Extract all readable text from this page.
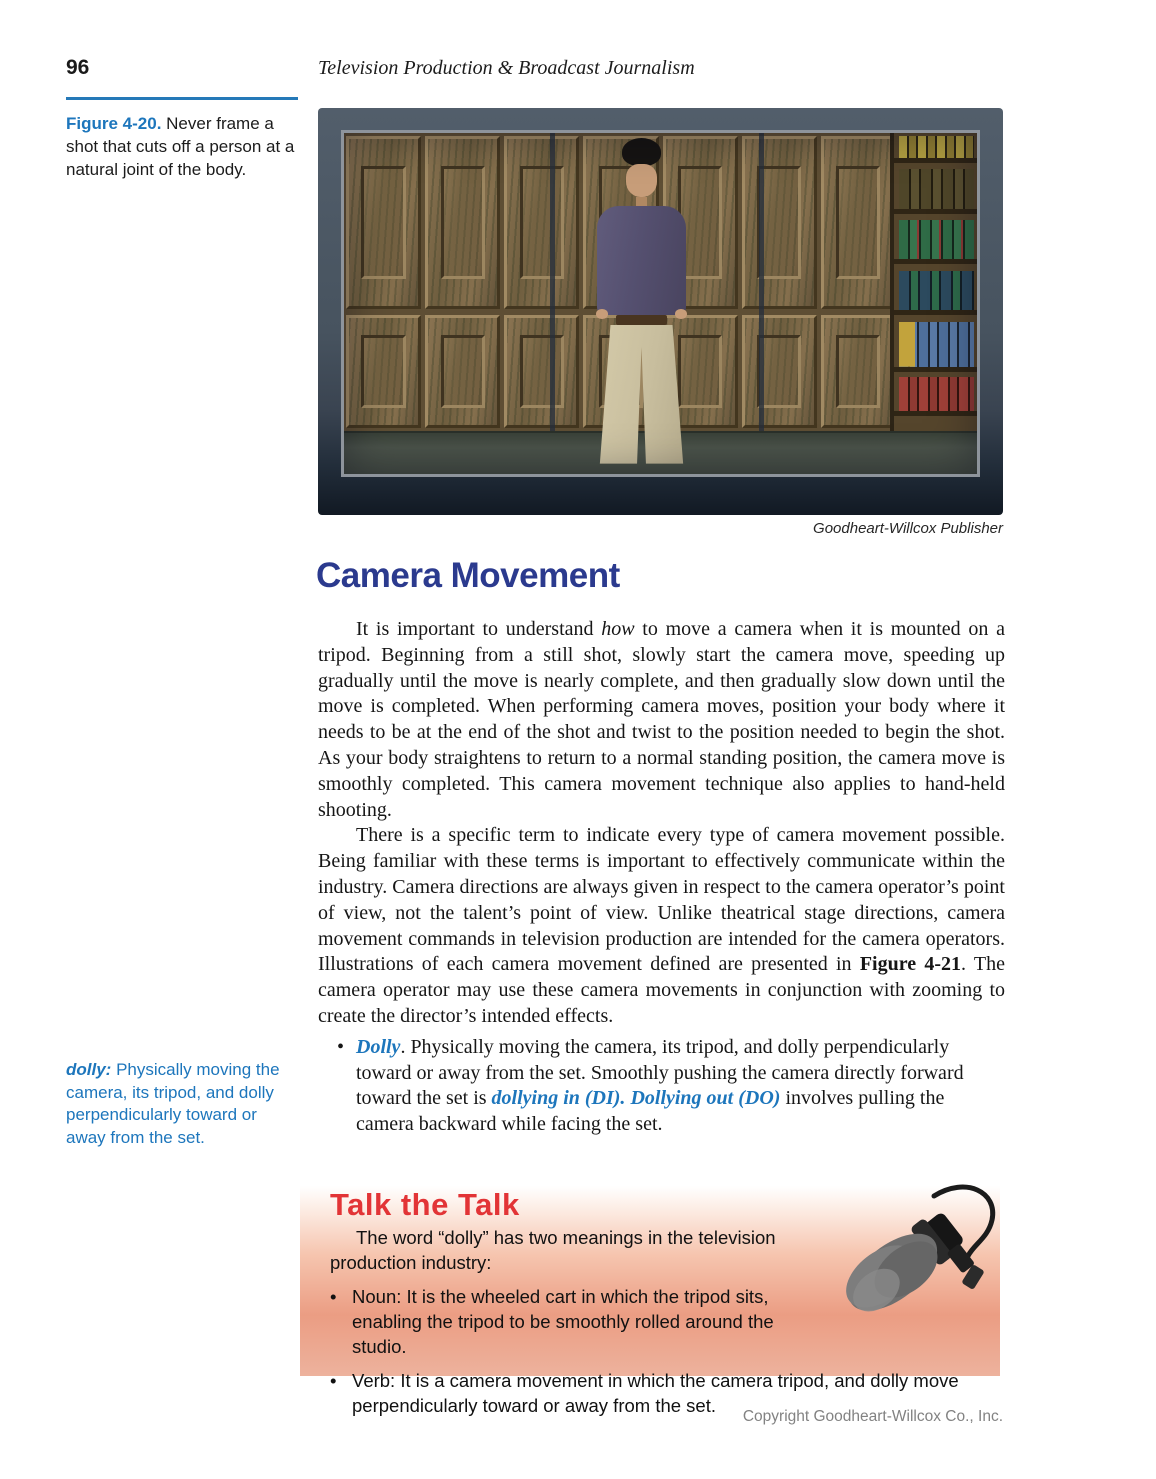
96	Television Production & Broadcast Journalism
Figure 4-20. Never frame a shot that cuts off a person at a natural joint of the body.
Goodheart-Willcox Publisher
Camera Movement

It is important to understand how to move a camera when it is mounted on a tripod. Beginning from a still shot, slowly start the camera move, speeding up gradually until the move is nearly complete, and then gradually slow down until the move is completed. When performing camera moves, position your body where it needs to be at the end of the shot and twist to the position needed to begin the shot. As your body straightens to return to a normal standing position, the camera move is smoothly completed. This camera movement technique also applies to hand-held shooting.

There is a specific term to indicate every type of camera movement possible. Being familiar with these terms is important to effectively communicate within the industry. Camera directions are always given in respect to the camera operator’s point of view, not the talent’s point of view. Unlike theatrical stage directions, camera movement commands in television production are intended for the camera operators. Illustrations of each camera movement defined are presented in Figure 4-21. The camera operator may use these camera movements in conjunction with zooming to create the director’s intended effects.

• Dolly. Physically moving the camera, its tripod, and dolly perpendicularly toward or away from the set. Smoothly pushing the camera directly forward toward the set is dollying in (DI). Dollying out (DO) involves pulling the camera backward while facing the set.
dolly: Physically moving the camera, its tripod, and dolly perpendicularly toward or away from the set.
Talk the Talk
The word “dolly” has two meanings in the television production industry:
• Noun: It is the wheeled cart in which the tripod sits, enabling the tripod to be smoothly rolled around the studio.
• Verb: It is a camera movement in which the camera tripod, and dolly move perpendicularly toward or away from the set.
Copyright Goodheart-Willcox Co., Inc.
